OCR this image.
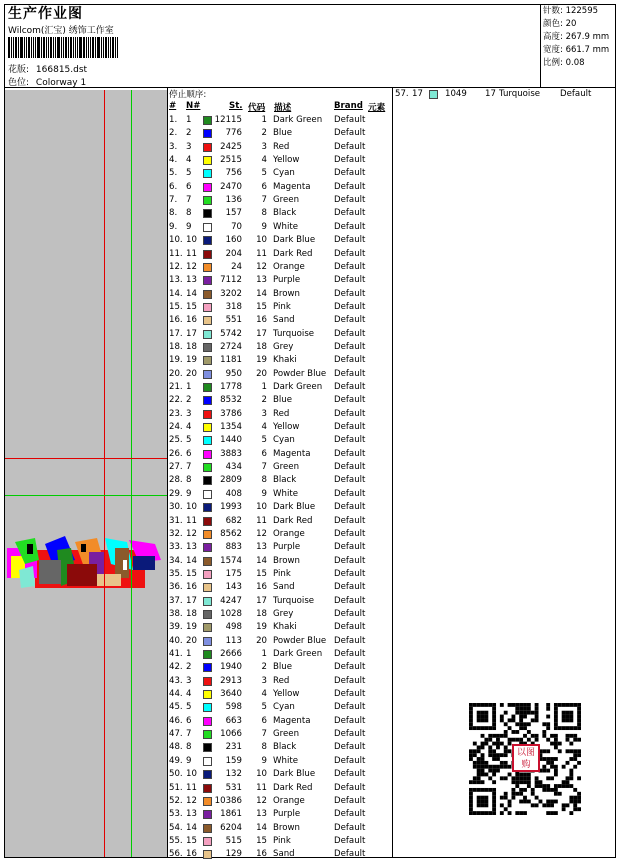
生产作业图
Wilcom(汇宝) 绣饰工作室
花版: 166815.dst
色位: Colorway 1
针数: 122595
颜色: 20
高度: 267.9 mm
宽度: 661.7 mm
比例: 0.08
停止顺序:
# N#	St. 代码 描述	Brand 元素
1. 1	12115	1 Dark Green Default
2. 2	776	2 Blue	Default
3. 3	2425	3 Red	Default
4. 4	2515	4 Yellow	Default
5. 5	756	5 Cyan	Default
6. 6	2470	6 Magenta	Default
7. 7	136	7 Green	Default
8. 8	157	8 Black	Default
9. 9	70	9 White	Default
10. 10	160	10 Dark Blue Default
11. 11	204	11 Dark Red	Default
12. 12	24	12 Orange	Default
13. 13	7112	13 Purple	Default
14. 14	3202	14 Brown	Default
15. 15	318	15 Pink	Default
16. 16	551	16 Sand	Default
17. 17	5742	17 Turquoise Default
18. 18	2724	18 Grey	Default
19. 19	1181	19 Khaki	Default
20. 20	950	20 Powder Blue Default
21. 1	1778	1 Dark Green Default
22. 2	8532	2 Blue	Default
23. 3	3786	3 Red	Default
24. 4	1354	4 Yellow	Default
25. 5	1440	5 Cyan	Default
26. 6	3883	6 Magenta	Default
27. 7	434	7 Green	Default
28. 8	2809	8 Black	Default
29. 9	408	9 White	Default
30. 10	1993	10 Dark Blue Default
31. 11	682	11 Dark Red	Default
32. 12	8562	12 Orange	Default
33. 13	883	13 Purple	Default
34. 14	1574	14 Brown	Default
35. 15	175	15 Pink	Default
36. 16	143	16 Sand	Default
37. 17	4247	17 Turquoise Default
38. 18	1028	18 Grey	Default
39. 19	498	19 Khaki	Default
40. 20	113	20 Powder Blue Default
41. 1	2666	1 Dark Green Default
42. 2	1940	2 Blue	Default
43. 3	2913	3 Red	Default
44. 4	3640	4 Yellow	Default
45. 5	598	5 Cyan	Default
46. 6	663	6 Magenta	Default
47. 7	1066	7 Green	Default
48. 8	231	8 Black	Default
49. 9	159	9 White	Default
50. 10	132	10 Dark Blue Default
51. 11	531	11 Dark Red	Default
52. 12 10386	12 Orange	Default
53. 13	1861	13 Purple	Default
54. 14	6204	14 Brown	Default
55. 15	515	15 Pink	Default
56. 16	129	16 Sand	Default
57. 17	1049 17 Turquoise Default
以图购
